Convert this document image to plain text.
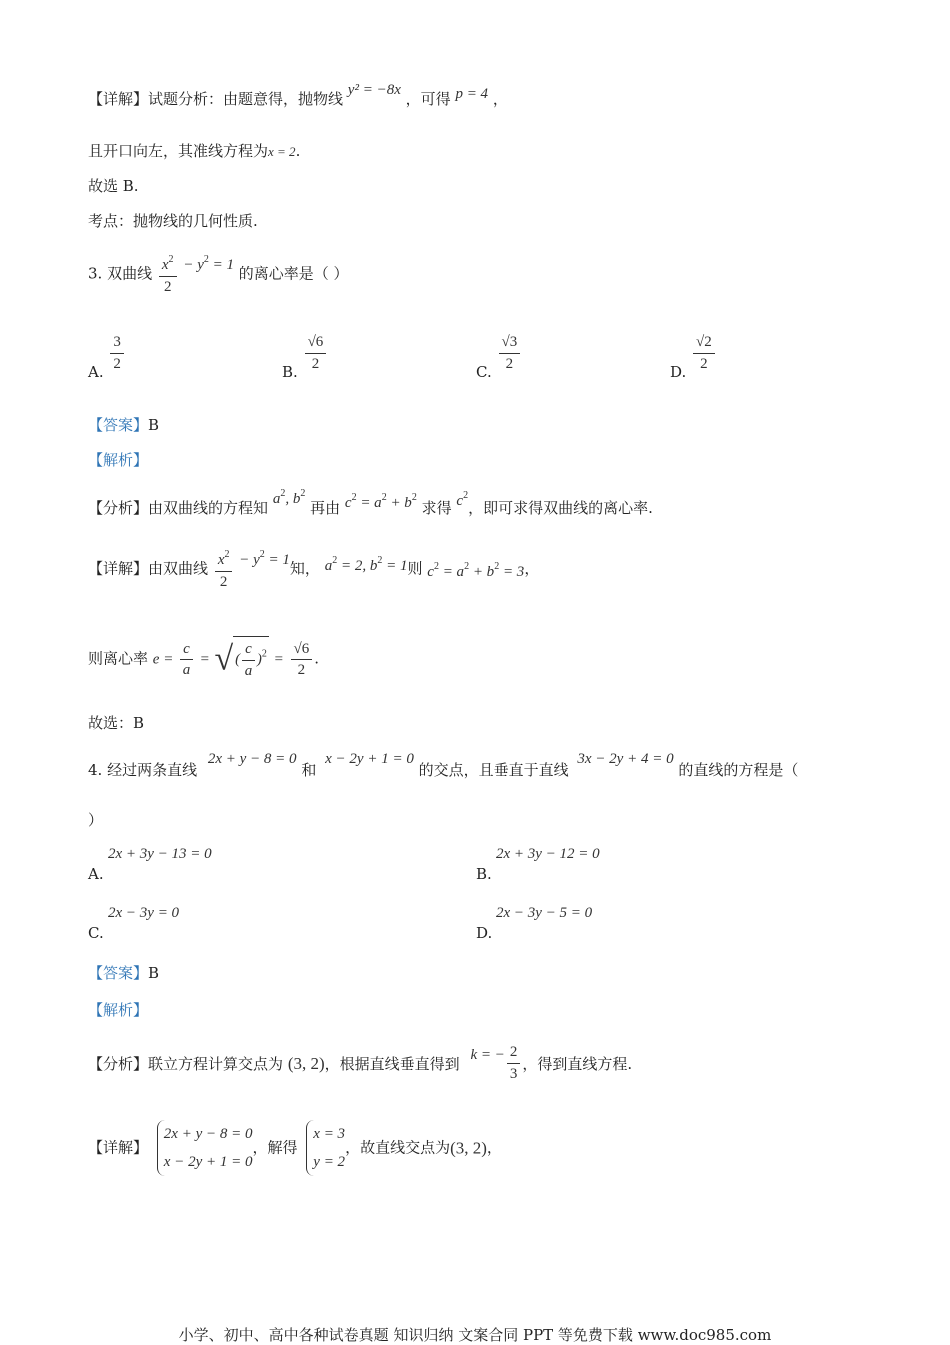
【详解】试题分析：由题意得，抛物线 y² = −8x ，可得 p = 4 ，
且开口向左，其准线方程为x = 2.
故选 B.
考点：抛物线的几何性质.
3. 双曲线 $\frac{x^2}{2} - y^2 = 1$ 的离心率是（ ）
A. $\frac{3}{2}$	B. $\frac{√6}{2}$	C. $\frac{√3}{2}$	D. $\frac{√2}{2}$
【答案】B
【解析】
【分析】由双曲线的方程知 $a^2$, $b^2$ 再由 $c^2 = a^2 + b^2$ 求得 $c^2$，即可求得双曲线的离心率.
【详解】由双曲线 $\frac{x^2}{2} - y^2 = 1$知， $a^2 = 2$, $b^2 = 1$则 $c^2 = a^2 + b^2 = 3$，
则离心率 $e = \frac{c}{a}$ = √ ( $\frac{c}{a} )^2 = \frac{√6}{2}$ .
故选：B
4. 经过两条直线 2x + y − 8 = 0 和 x − 2y + 1 = 0 的交点，且垂直于直线 3x − 2y + 4 = 0 的直线的方程是（
）
2x + 3y − 13 = 0
A.
2x + 3y − 12 = 0
B.
2x − 3y = 0
C.
2x − 3y − 5 = 0
D.
【答案】B
【解析】
【分析】联立方程计算交点为 (3, 2)，根据直线垂直得到 k = − $\frac{2}{3}$ ，得到直线方程.
【详解】
2x + y − 8 = 0
x − 2y + 1 = 0
，解得
x = 3
y = 2
，故直线交点为(3, 2)，
小学、初中、高中各种试卷真题 知识归纳 文案合同 PPT 等免费下载 www.doc985.com
